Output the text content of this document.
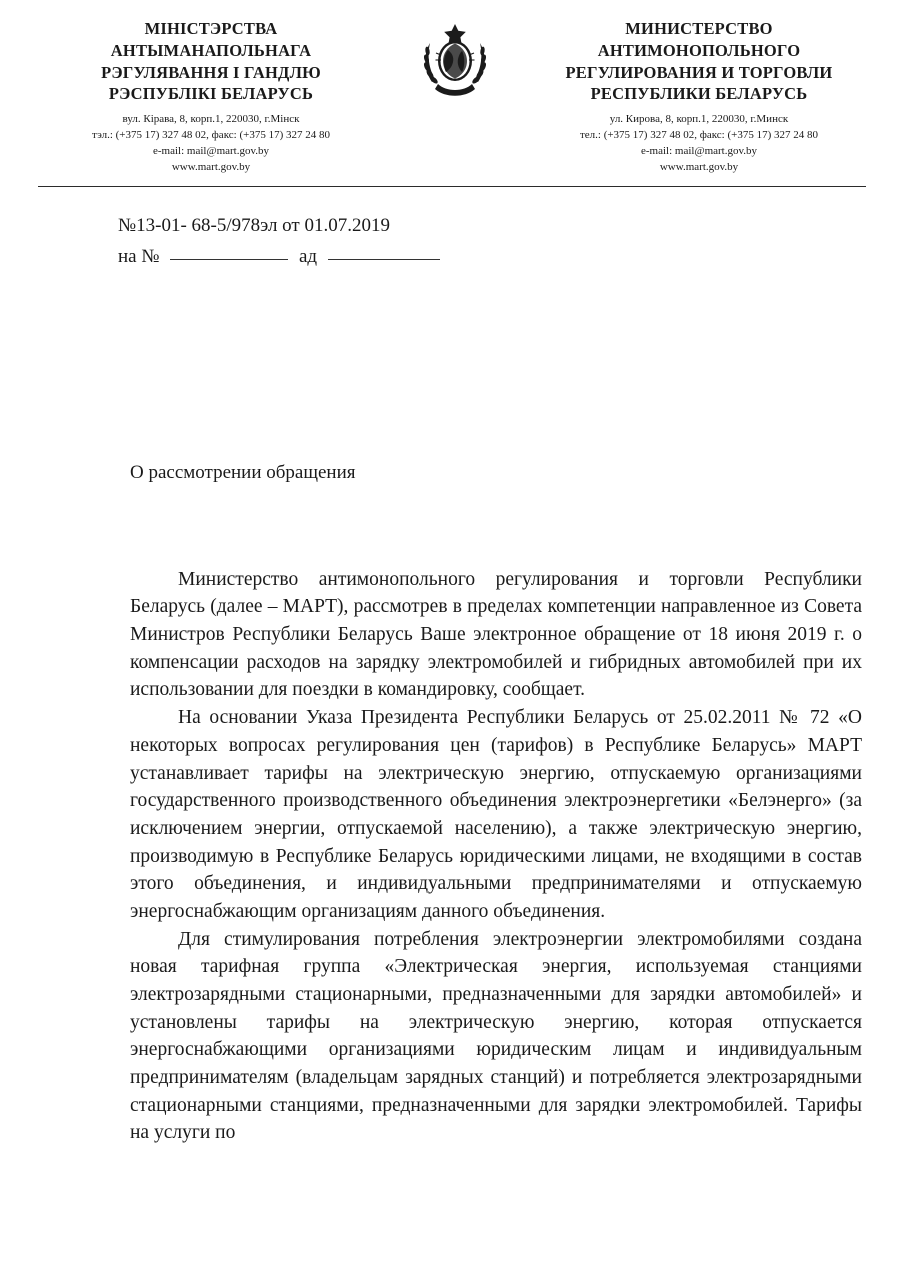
МІНІСТЭРСТВА
АНТЫМАНАПОЛЬНАГА
РЭГУЛЯВАННЯ І ГАНДЛЮ
РЭСПУБЛІКІ БЕЛАРУСЬ
вул. Кірава, 8, корп.1, 220030, г.Мінск
тэл.: (+375 17) 327 48 02, факс: (+375 17) 327 24 80
e-mail: mail@mart.gov.by
www.mart.gov.by
МИНИСТЕРСТВО
АНТИМОНОПОЛЬНОГО
РЕГУЛИРОВАНИЯ И ТОРГОВЛИ
РЕСПУБЛИКИ БЕЛАРУСЬ
ул. Кирова, 8, корп.1, 220030, г.Минск
тел.: (+375 17) 327 48 02, факс: (+375 17) 327 24 80
e-mail: mail@mart.gov.by
www.mart.gov.by
№13-01- 68-5/978эл от 01.07.2019
на №	ад
О рассмотрении обращения

Министерство антимонопольного регулирования и торговли Республики Беларусь (далее – МАРТ), рассмотрев в пределах компетенции направленное из Совета Министров Республики Беларусь Ваше электронное обращение от 18 июня 2019 г. о компенсации расходов на зарядку электромобилей и гибридных автомобилей при их использовании для поездки в командировку, сообщает.

На основании Указа Президента Республики Беларусь от 25.02.2011 № 72 «О некоторых вопросах регулирования цен (тарифов) в Республике Беларусь» МАРТ устанавливает тарифы на электрическую энергию, отпускаемую организациями государственного производственного объединения электроэнергетики «Белэнерго» (за исключением энергии, отпускаемой населению), а также электрическую энергию, производимую в Республике Беларусь юридическими лицами, не входящими в состав этого объединения, и индивидуальными предпринимателями и отпускаемую энергоснабжающим организациям данного объединения.

Для стимулирования потребления электроэнергии электромобилями создана новая тарифная группа «Электрическая энергия, используемая станциями электрозарядными стационарными, предназначенными для зарядки автомобилей» и установлены тарифы на электрическую энергию, которая отпускается энергоснабжающими организациями юридическим лицам и индивидуальным предпринимателям (владельцам зарядных станций) и потребляется электрозарядными стационарными станциями, предназначенными для зарядки электромобилей. Тарифы на услуги по
